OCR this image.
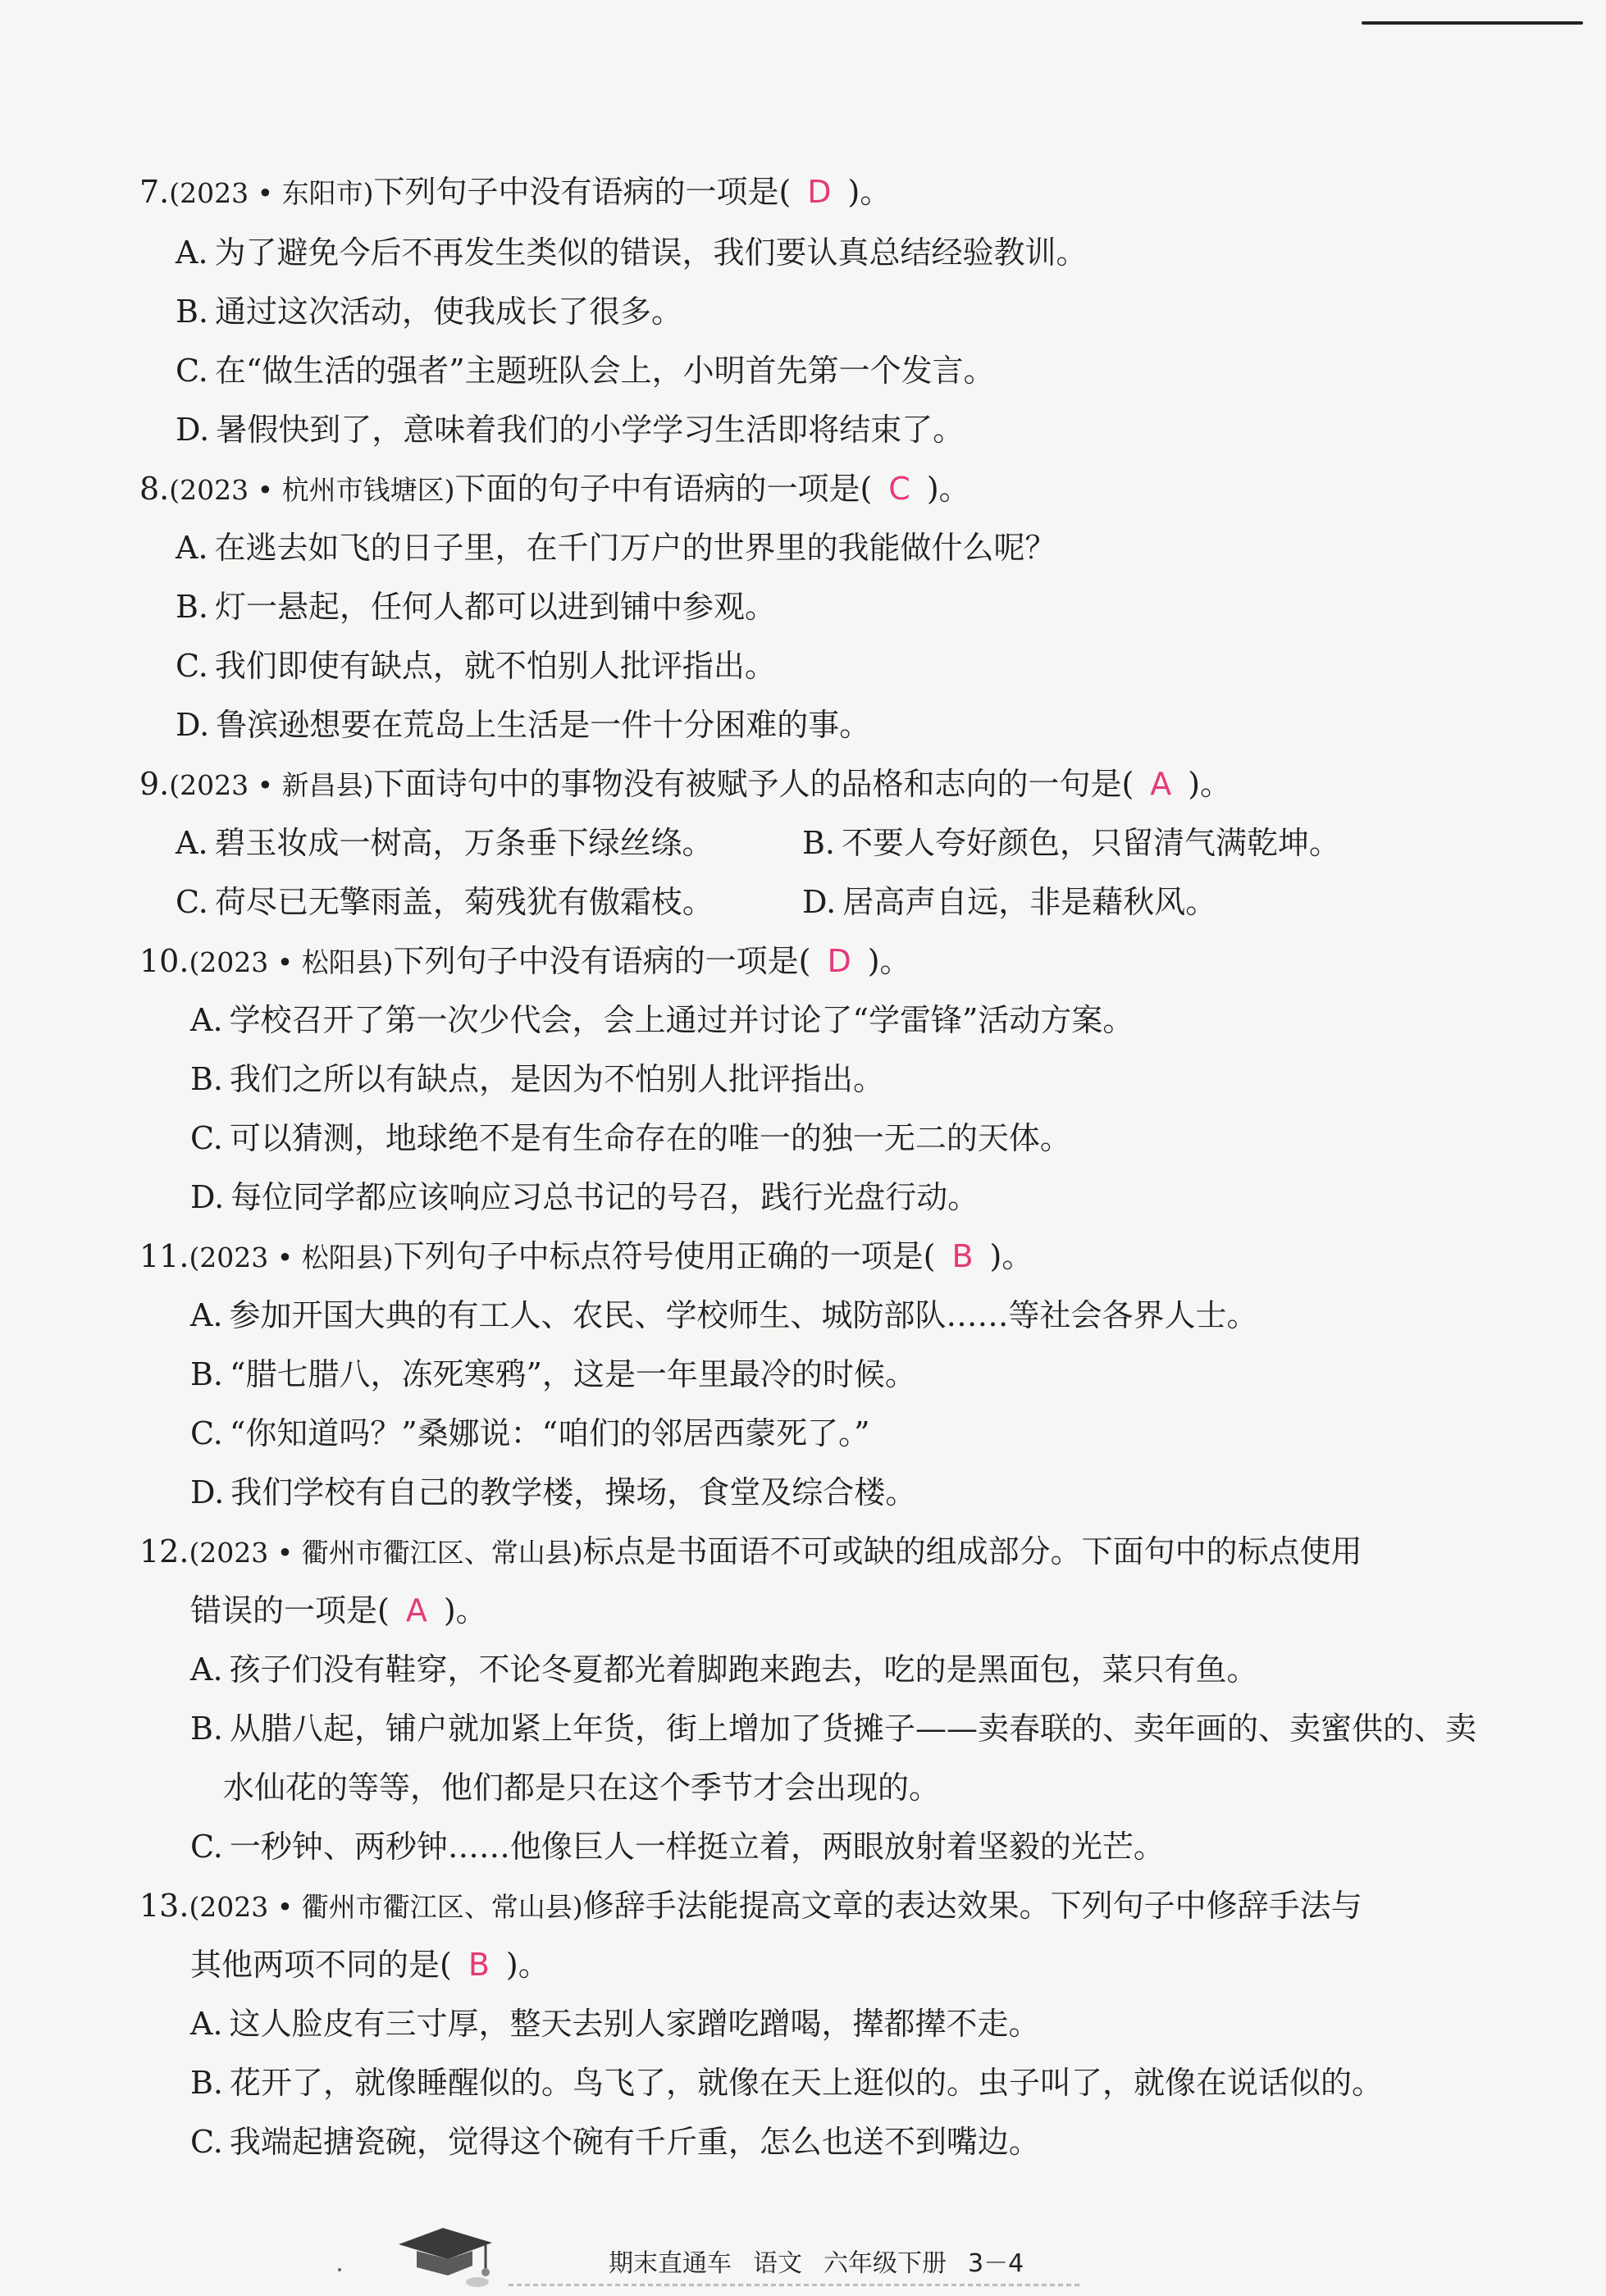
7.(2023 • 东阳市)下列句子中没有语病的一项是( D )。
A. 为了避免今后不再发生类似的错误，我们要认真总结经验教训。
B. 通过这次活动，使我成长了很多。
C. 在“做生活的强者”主题班队会上，小明首先第一个发言。
D. 暑假快到了，意味着我们的小学学习生活即将结束了。
8.(2023 • 杭州市钱塘区)下面的句子中有语病的一项是( C )。
A. 在逃去如飞的日子里，在千门万户的世界里的我能做什么呢？
B. 灯一悬起，任何人都可以进到铺中参观。
C. 我们即使有缺点，就不怕别人批评指出。
D. 鲁滨逊想要在荒岛上生活是一件十分困难的事。
9.(2023 • 新昌县)下面诗句中的事物没有被赋予人的品格和志向的一句是( A )。
A. 碧玉妆成一树高，万条垂下绿丝绦。	B. 不要人夸好颜色，只留清气满乾坤。
C. 荷尽已无擎雨盖，菊残犹有傲霜枝。	D. 居高声自远，非是藉秋风。
10.(2023 • 松阳县)下列句子中没有语病的一项是( D )。
A. 学校召开了第一次少代会，会上通过并讨论了“学雷锋”活动方案。
B. 我们之所以有缺点，是因为不怕别人批评指出。
C. 可以猜测，地球绝不是有生命存在的唯一的独一无二的天体。
D. 每位同学都应该响应习总书记的号召，践行光盘行动。
11.(2023 • 松阳县)下列句子中标点符号使用正确的一项是( B )。
A. 参加开国大典的有工人、农民、学校师生、城防部队……等社会各界人士。
B. “腊七腊八，冻死寒鸦”，这是一年里最冷的时候。
C. “你知道吗？”桑娜说：“咱们的邻居西蒙死了。”
D. 我们学校有自己的教学楼，操场，食堂及综合楼。
12.(2023 • 衢州市衢江区、常山县)标点是书面语不可或缺的组成部分。下面句中的标点使用
错误的一项是( A )。
A. 孩子们没有鞋穿，不论冬夏都光着脚跑来跑去，吃的是黑面包，菜只有鱼。
B. 从腊八起，铺户就加紧上年货，街上增加了货摊子——卖春联的、卖年画的、卖蜜供的、卖
水仙花的等等，他们都是只在这个季节才会出现的。
C. 一秒钟、两秒钟……他像巨人一样挺立着，两眼放射着坚毅的光芒。
13.(2023 • 衢州市衢江区、常山县)修辞手法能提高文章的表达效果。下列句子中修辞手法与
其他两项不同的是( B )。
A. 这人脸皮有三寸厚，整天去别人家蹭吃蹭喝，撵都撵不走。
B. 花开了，就像睡醒似的。鸟飞了，就像在天上逛似的。虫子叫了，就像在说话似的。
C. 我端起搪瓷碗，觉得这个碗有千斤重，怎么也送不到嘴边。
期末直通车 语文 六年级下册 3－4
